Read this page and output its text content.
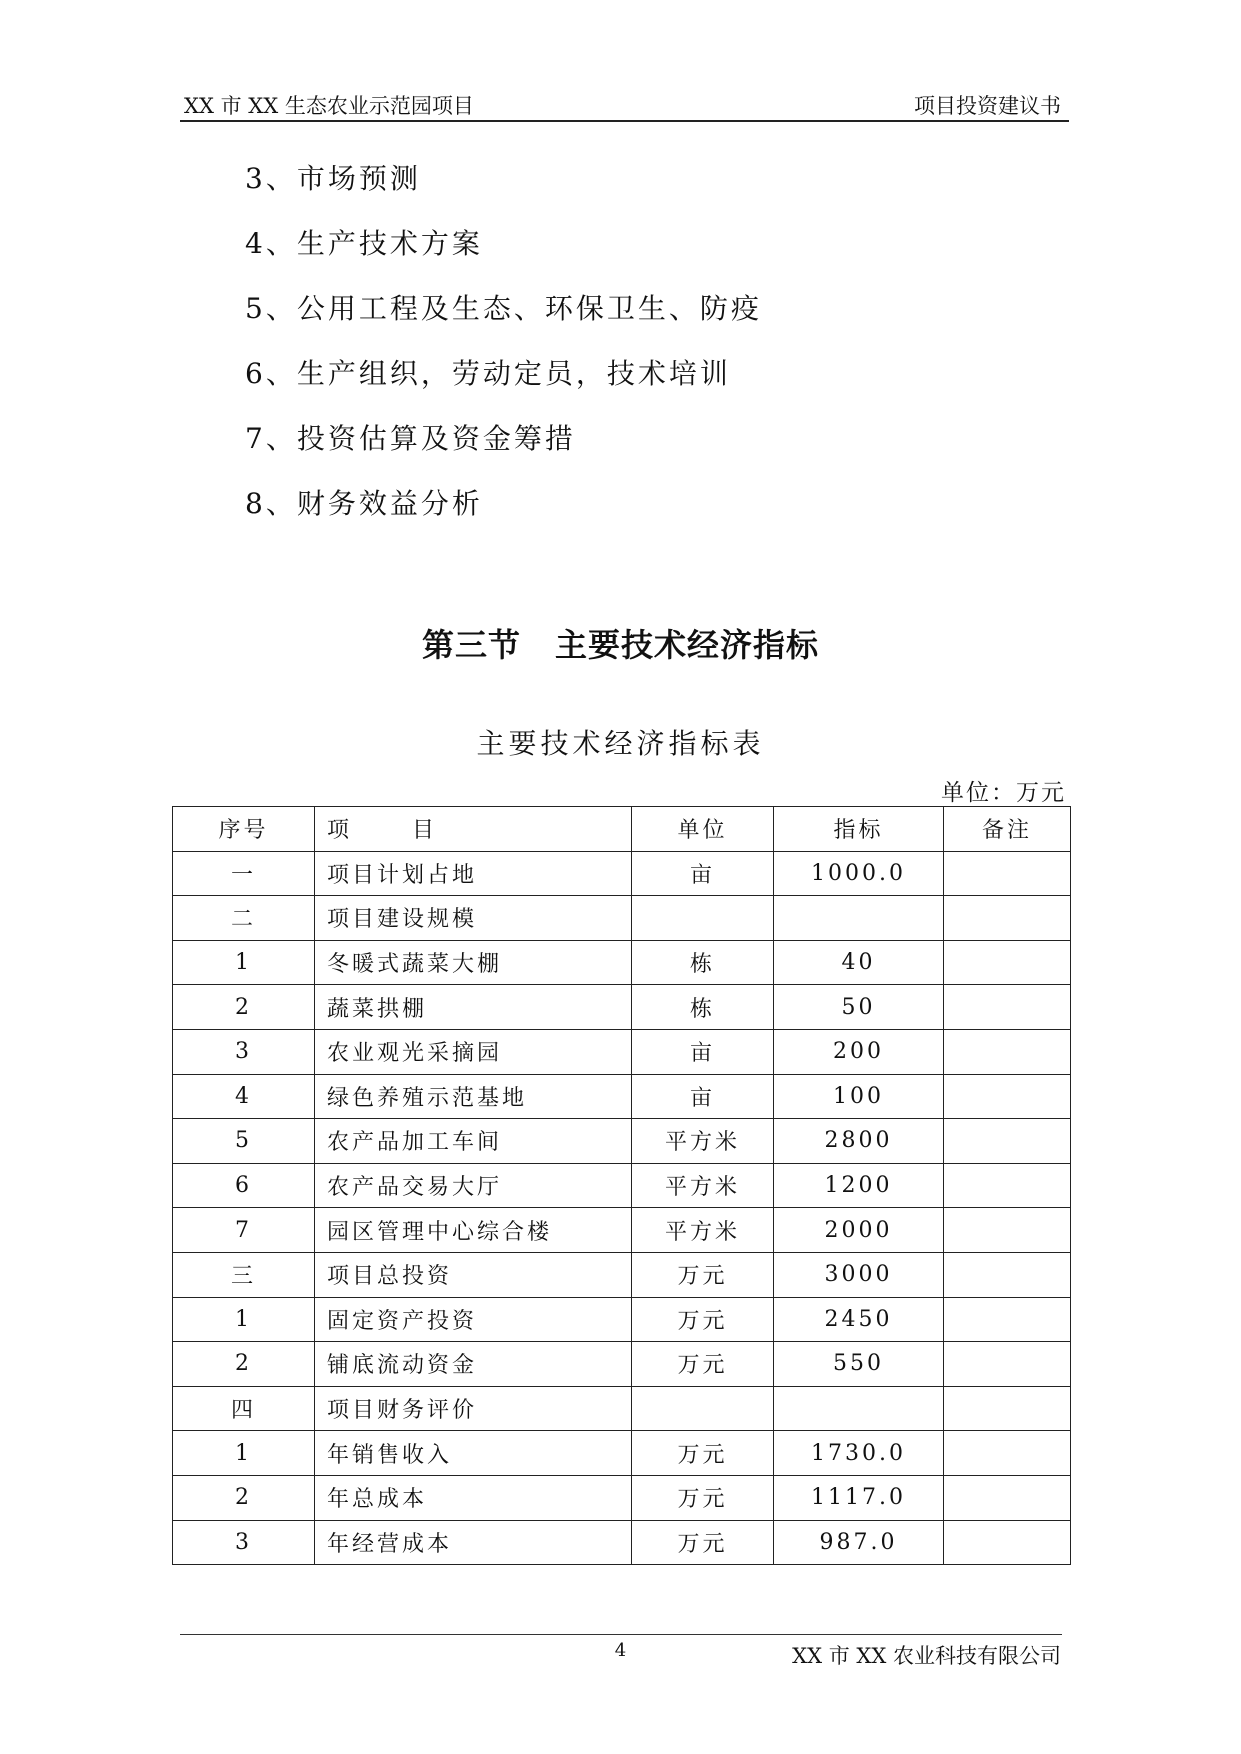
XX 市 XX 生态农业示范园项目	项目投资建议书
3、市场预测
4、生产技术方案
5、公用工程及生态、环保卫生、防疫
6、生产组织，劳动定员，技术培训
7、投资估算及资金筹措
8、财务效益分析
第三节 主要技术经济指标
主要技术经济指标表
单位：万元
序号	项 目	单位	指标	备注
一	项目计划占地	亩	1000.0	
二	项目建设规模			
1	冬暖式蔬菜大棚	栋	40	
2	蔬菜拱棚	栋	50	
3	农业观光采摘园	亩	200	
4	绿色养殖示范基地	亩	100	
5	农产品加工车间	平方米	2800	
6	农产品交易大厅	平方米	1200	
7	园区管理中心综合楼	平方米	2000	
三	项目总投资	万元	3000	
1	固定资产投资	万元	2450	
2	铺底流动资金	万元	550	
四	项目财务评价			
1	年销售收入	万元	1730.0	
2	年总成本	万元	1117.0	
3	年经营成本	万元	987.0	
4	XX 市 XX 农业科技有限公司
